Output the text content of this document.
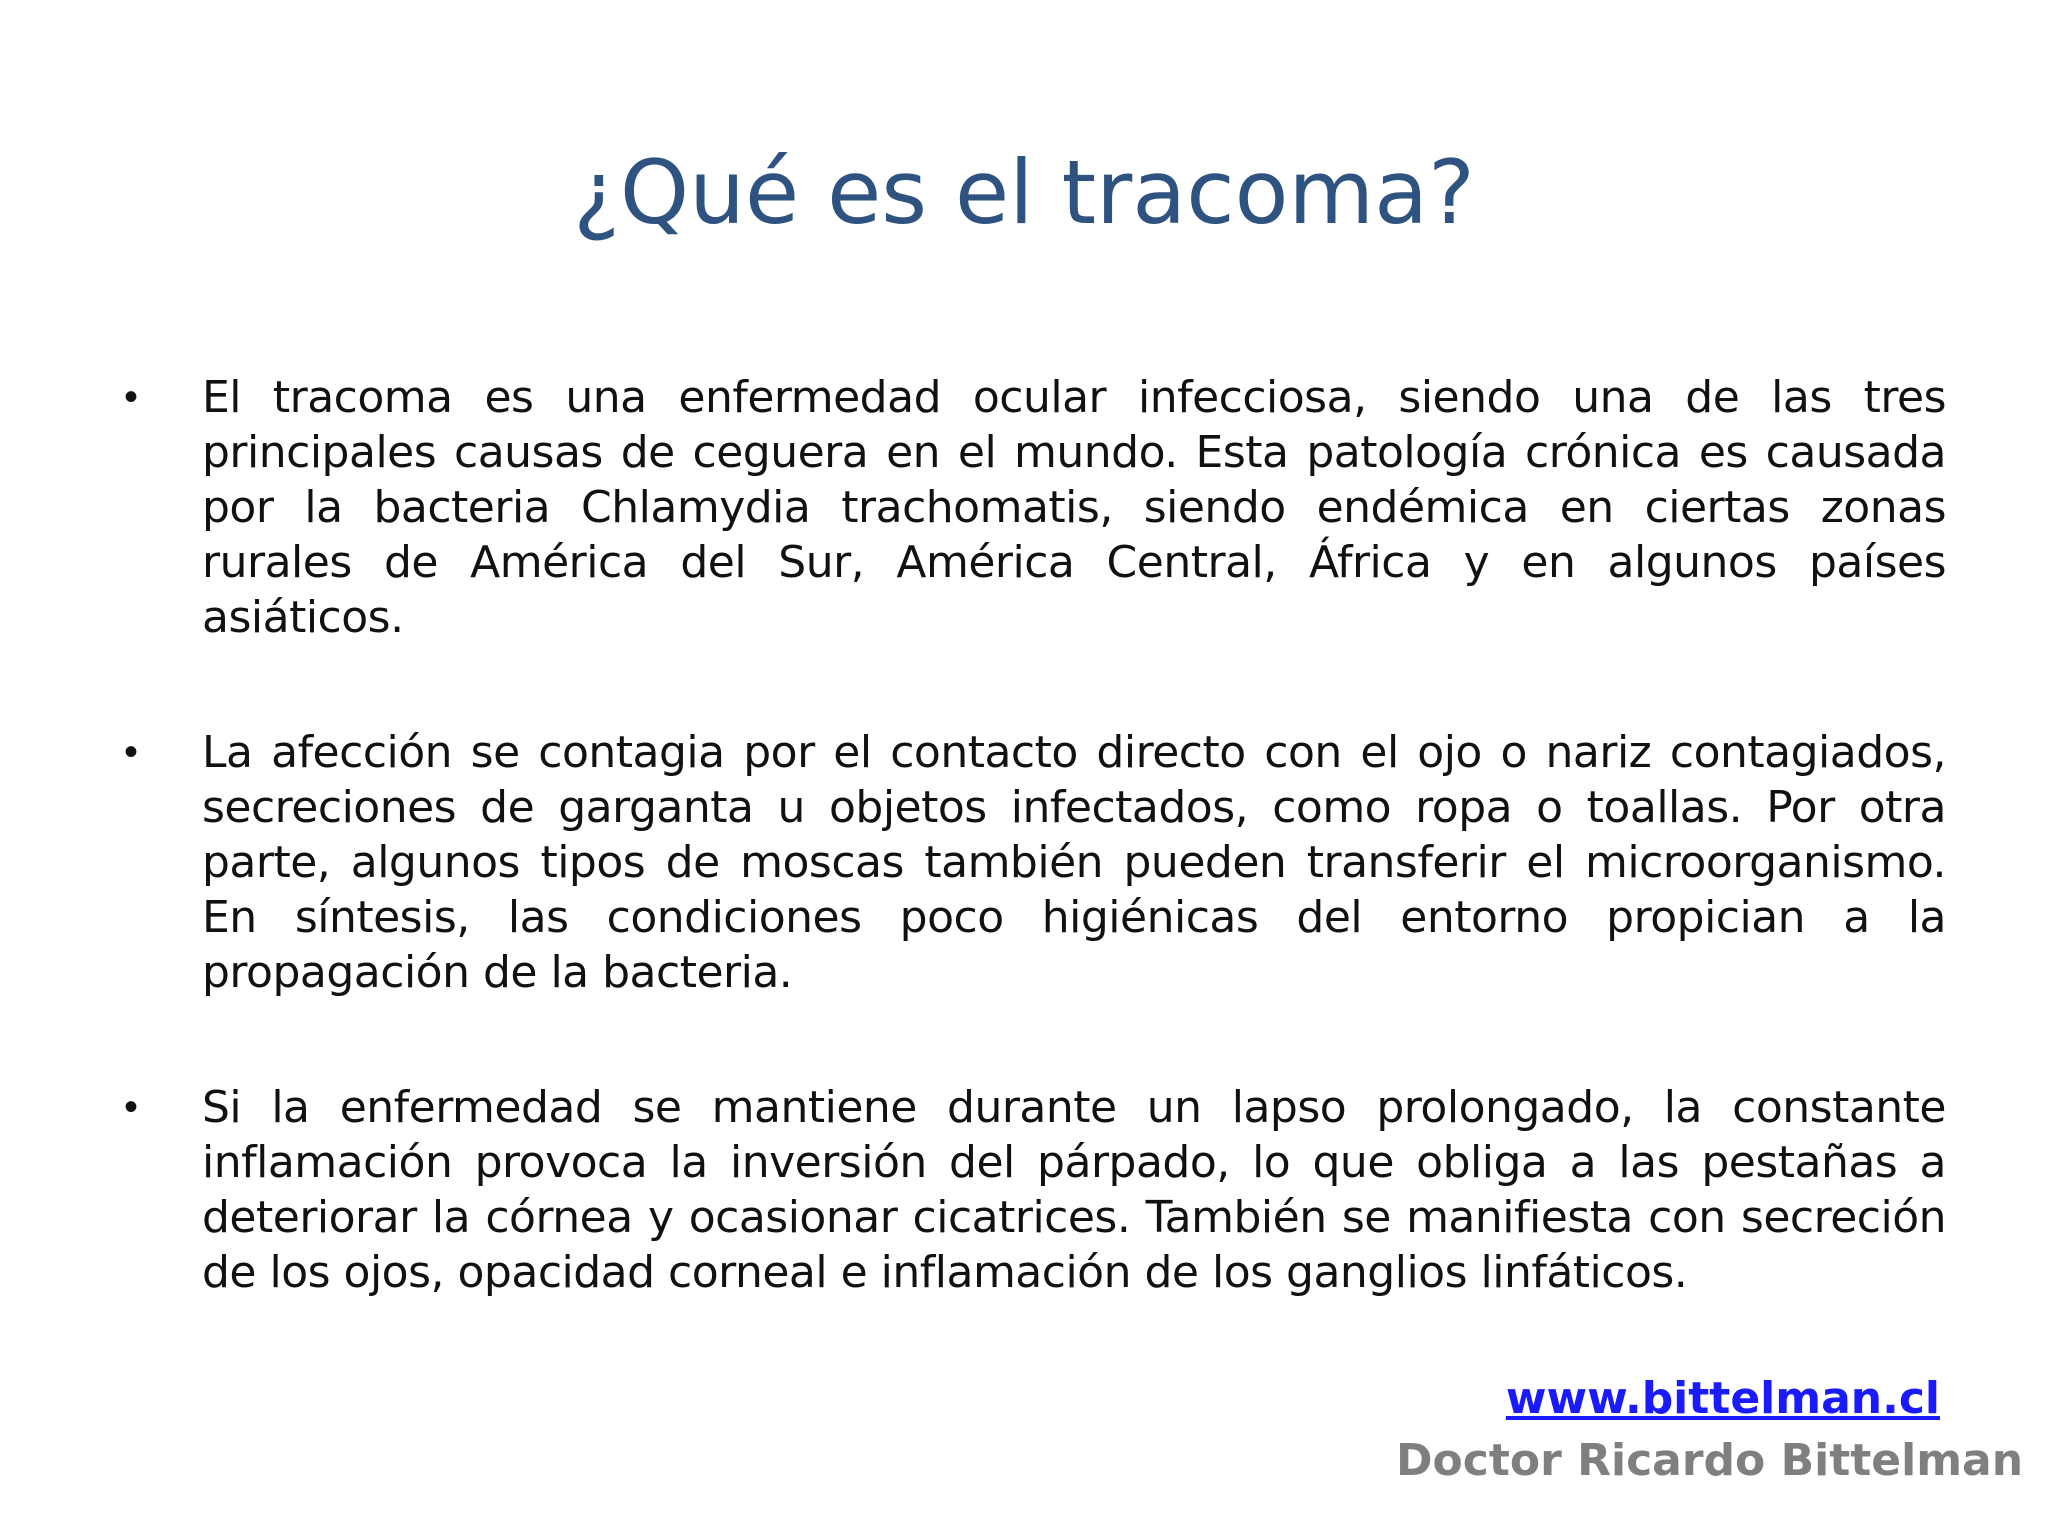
¿Qué es el tracoma?
• El tracoma es una enfermedad ocular infecciosa, siendo una de las tres principales causas de ceguera en el mundo. Esta patología crónica es causada por la bacteria Chlamydia trachomatis, siendo endémica en ciertas zonas rurales de América del Sur, América Central, África y en algunos países asiáticos.
• La afección se contagia por el contacto directo con el ojo o nariz contagiados, secreciones de garganta u objetos infectados, como ropa o toallas. Por otra parte, algunos tipos de moscas también pueden transferir el microorganismo. En síntesis, las condiciones poco higiénicas del entorno propician a la propagación de la bacteria.
• Si la enfermedad se mantiene durante un lapso prolongado, la constante inflamación provoca la inversión del párpado, lo que obliga a las pestañas a deteriorar la córnea y ocasionar cicatrices. También se manifiesta con secreción de los ojos, opacidad corneal e inflamación de los ganglios linfáticos.
www.bittelman.cl
Doctor Ricardo Bittelman
